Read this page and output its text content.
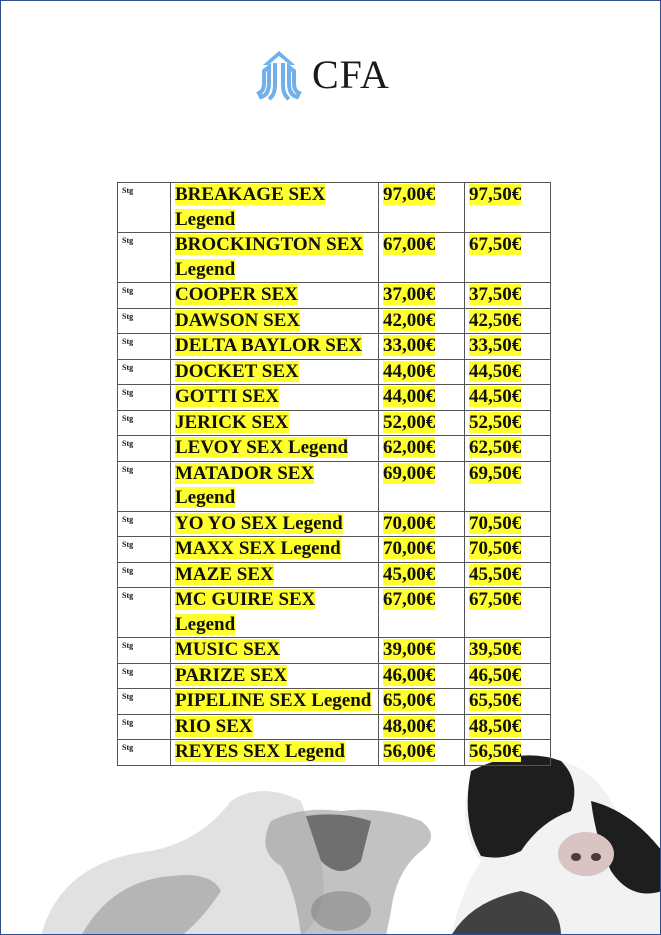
CFA
Stg	BREAKAGE SEX Legend	97,00€	97,50€
Stg	BROCKINGTON SEX Legend	67,00€	67,50€
Stg	COOPER SEX	37,00€	37,50€
Stg	DAWSON SEX	42,00€	42,50€
Stg	DELTA BAYLOR SEX	33,00€	33,50€
Stg	DOCKET SEX	44,00€	44,50€
Stg	GOTTI SEX	44,00€	44,50€
Stg	JERICK SEX	52,00€	52,50€
Stg	LEVOY SEX Legend	62,00€	62,50€
Stg	MATADOR SEX Legend	69,00€	69,50€
Stg	YO YO SEX Legend	70,00€	70,50€
Stg	MAXX SEX Legend	70,00€	70,50€
Stg	MAZE SEX	45,00€	45,50€
Stg	MC GUIRE SEX Legend	67,00€	67,50€
Stg	MUSIC SEX	39,00€	39,50€
Stg	PARIZE SEX	46,00€	46,50€
Stg	PIPELINE SEX Legend	65,00€	65,50€
Stg	RIO SEX	48,00€	48,50€
Stg	REYES SEX Legend	56,00€	56,50€
